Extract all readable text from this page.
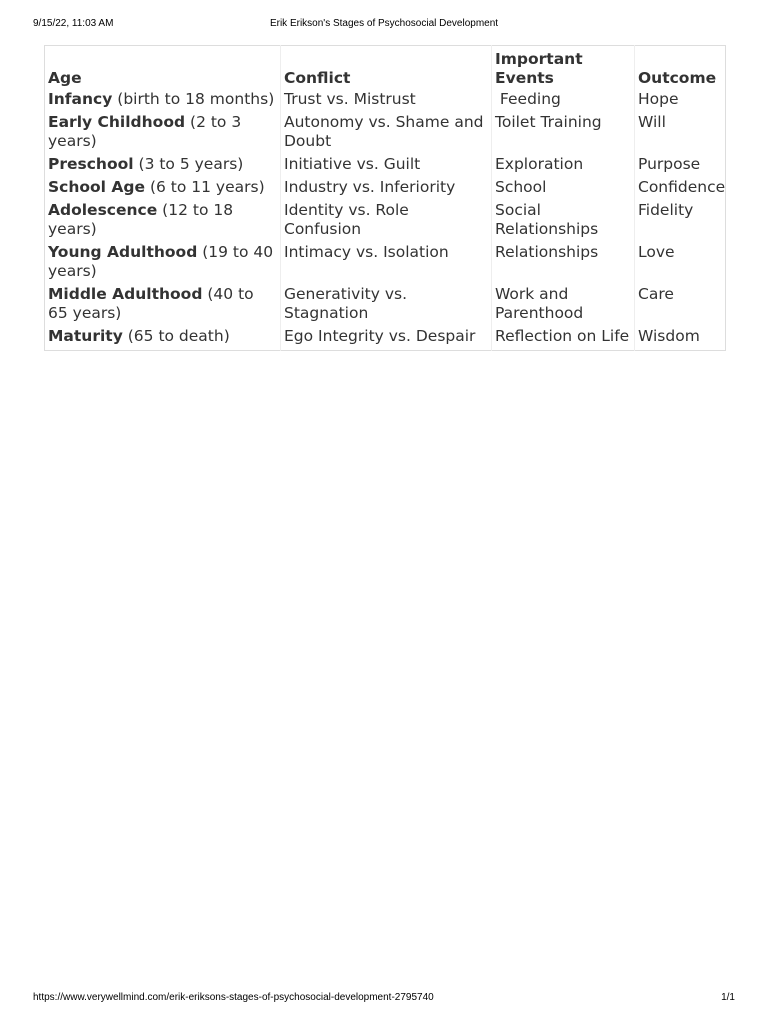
9/15/22, 11:03 AM	Erik Erikson's Stages of Psychosocial Development
Age	Conflict	Important Events	Outcome
Infancy (birth to 18 months)	Trust vs. Mistrust	Feeding	Hope
Early Childhood (2 to 3 years)	Autonomy vs. Shame and Doubt	Toilet Training	Will
Preschool (3 to 5 years)	Initiative vs. Guilt	Exploration	Purpose
School Age (6 to 11 years)	Industry vs. Inferiority	School	Confidence
Adolescence (12 to 18 years)	Identity vs. Role Confusion	Social Relationships	Fidelity
Young Adulthood (19 to 40 years)	Intimacy vs. Isolation	Relationships	Love
Middle Adulthood (40 to 65 years)	Generativity vs. Stagnation	Work and Parenthood	Care
Maturity (65 to death)	Ego Integrity vs. Despair	Reflection on Life	Wisdom
https://www.verywellmind.com/erik-eriksons-stages-of-psychosocial-development-2795740	1/1
